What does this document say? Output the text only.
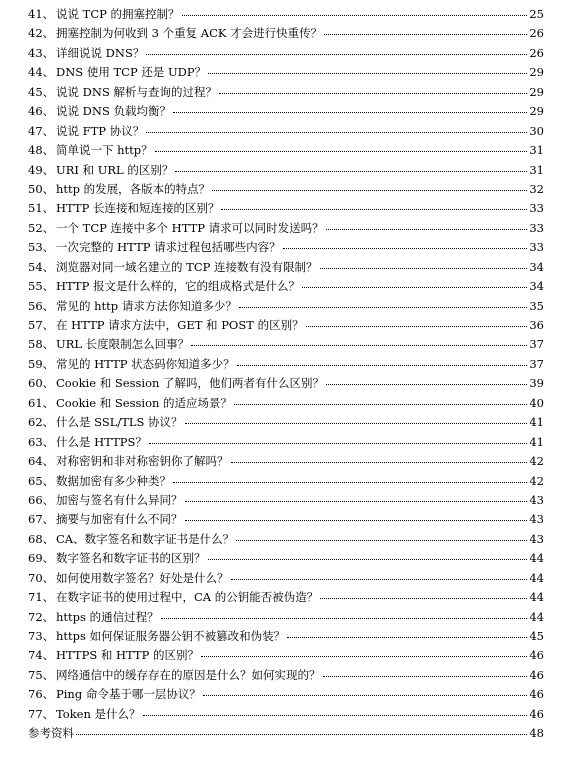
41、 说说 TCP 的拥塞控制？	25
42、 拥塞控制为何收到 3 个重复 ACK 才会进行快重传？	26
43、 详细说说 DNS？	26
44、 DNS 使用 TCP 还是 UDP？	29
45、 说说 DNS 解析与查询的过程？	29
46、 说说 DNS 负载均衡？	29
47、 说说 FTP 协议？	30
48、 简单说一下 http？	31
49、 URI 和 URL 的区别？	31
50、 http 的发展，各版本的特点？	32
51、 HTTP 长连接和短连接的区别？	33
52、 一个 TCP 连接中多个 HTTP 请求可以同时发送吗？	33
53、 一次完整的 HTTP 请求过程包括哪些内容？	33
54、 浏览器对同一域名建立的 TCP 连接数有没有限制？	34
55、 HTTP 报文是什么样的，它的组成格式是什么？	34
56、 常见的 http 请求方法你知道多少？	35
57、 在 HTTP 请求方法中，GET 和 POST 的区别？	36
58、 URL 长度限制怎么回事？	37
59、 常见的 HTTP 状态码你知道多少？	37
60、 Cookie 和 Session 了解吗，他们两者有什么区别？	39
61、 Cookie 和 Session 的适应场景？	40
62、 什么是 SSL/TLS 协议？	41
63、 什么是 HTTPS？	41
64、 对称密钥和非对称密钥你了解吗？	42
65、 数据加密有多少种类？	42
66、 加密与签名有什么异同？	43
67、 摘要与加密有什么不同？	43
68、 CA、数字签名和数字证书是什么？	43
69、 数字签名和数字证书的区别？	44
70、 如何使用数字签名？好处是什么？	44
71、 在数字证书的使用过程中，CA 的公钥能否被伪造？	44
72、 https 的通信过程？	44
73、 https 如何保证服务器公钥不被篡改和伪装？	45
74、 HTTPS 和 HTTP 的区别？	46
75、 网络通信中的缓存存在的原因是什么？如何实现的？	46
76、 Ping 命令基于哪一层协议？	46
77、 Token 是什么？	46
参考资料	48
